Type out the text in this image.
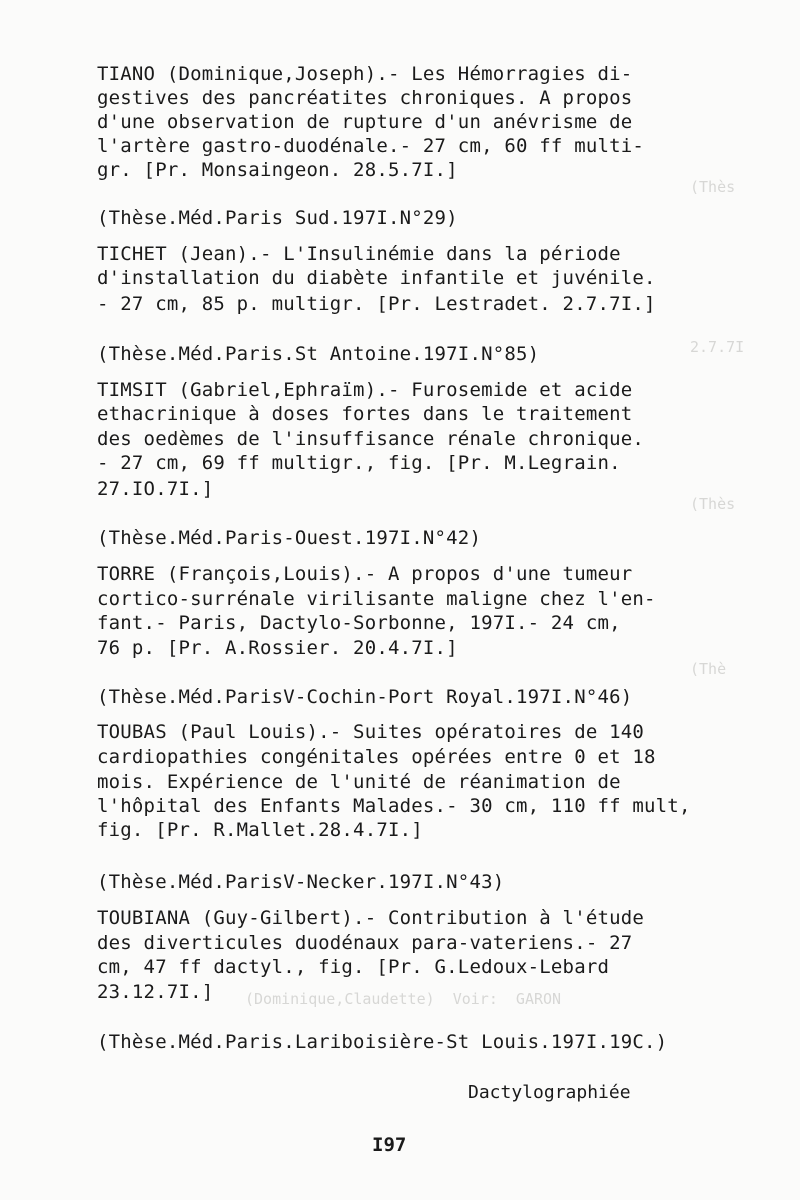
(Thès
2.7.7I
(Thès
(Thè
(Dominique,Claudette)  Voir:  GARON
TIANO (Dominique,Joseph).- Les Hémorragies di-
gestives des pancréatites chroniques. A propos
d'une observation de rupture d'un anévrisme de
l'artère gastro-duodénale.- 27 cm, 60 ff multi-
gr. [Pr. Monsaingeon. 28.5.7I.]
(Thèse.Méd.Paris Sud.197I.N°29)
TICHET (Jean).- L'Insulinémie dans la période
d'installation du diabète infantile et juvénile.
- 27 cm, 85 p. multigr. [Pr. Lestradet. 2.7.7I.]
(Thèse.Méd.Paris.St Antoine.197I.N°85)
TIMSIT (Gabriel,Ephraïm).- Furosemide et acide
ethacrinique à doses fortes dans le traitement
des oedèmes de l'insuffisance rénale chronique.
- 27 cm, 69 ff multigr., fig. [Pr. M.Legrain.
27.IO.7I.]
(Thèse.Méd.Paris-Ouest.197I.N°42)
TORRE (François,Louis).- A propos d'une tumeur
cortico-surrénale virilisante maligne chez l'en-
fant.- Paris, Dactylo-Sorbonne, 197I.- 24 cm,
76 p. [Pr. A.Rossier. 20.4.7I.]
(Thèse.Méd.ParisV-Cochin-Port Royal.197I.N°46)
TOUBAS (Paul Louis).- Suites opératoires de 140
cardiopathies congénitales opérées entre 0 et 18
mois. Expérience de l'unité de réanimation de
l'hôpital des Enfants Malades.- 30 cm, 110 ff mult,
fig. [Pr. R.Mallet.28.4.7I.]
(Thèse.Méd.ParisV-Necker.197I.N°43)
TOUBIANA (Guy-Gilbert).- Contribution à l'étude
des diverticules duodénaux para-vateriens.- 27
cm, 47 ff dactyl., fig. [Pr. G.Ledoux-Lebard
23.12.7I.]
(Thèse.Méd.Paris.Lariboisière-St Louis.197I.19C.)
Dactylographiée
I97
